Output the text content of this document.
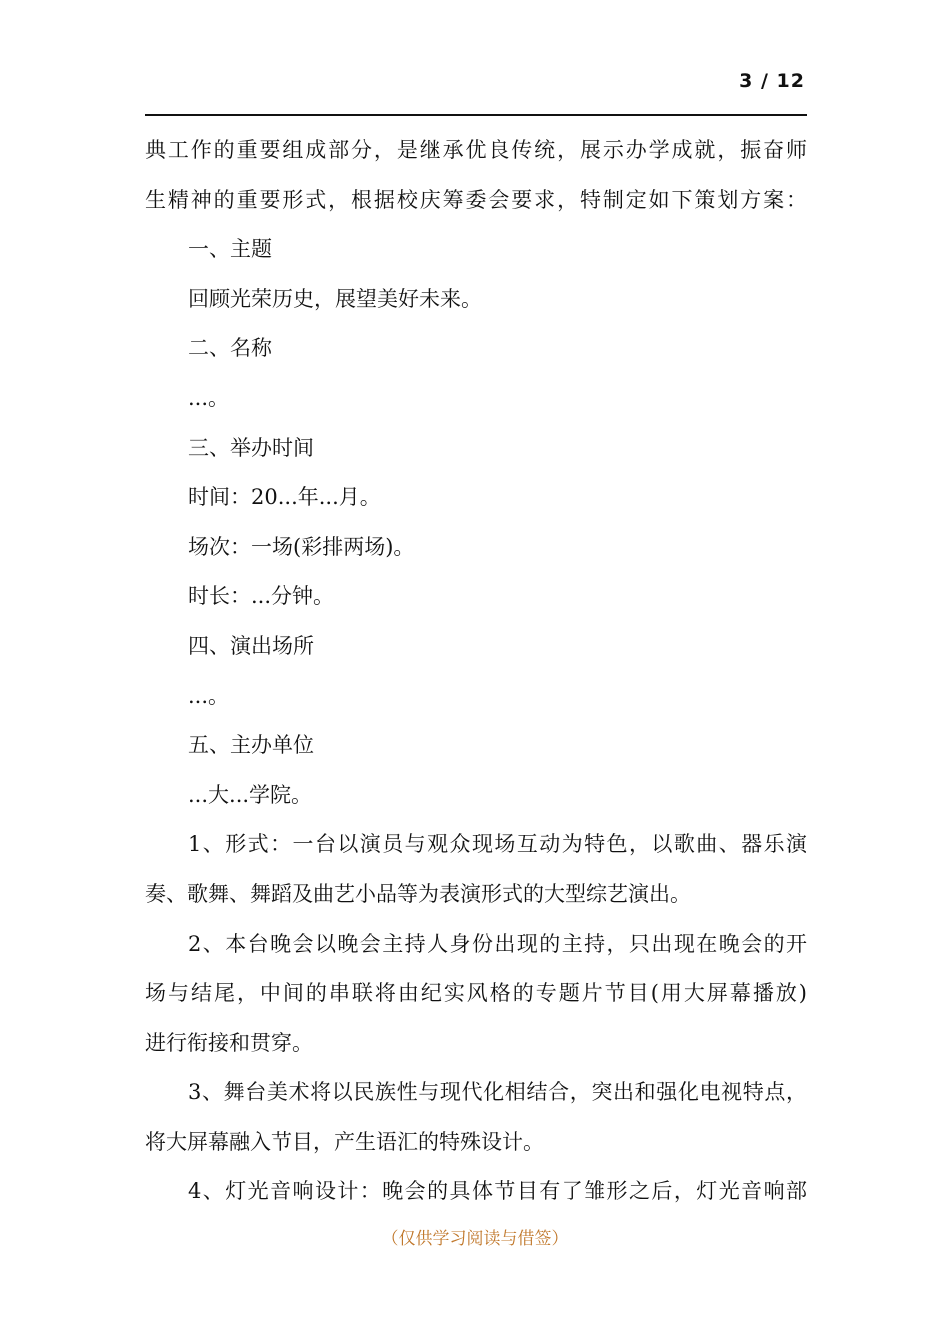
3 / 12
典工作的重要组成部分，是继承优良传统，展示办学成就，振奋师
生精神的重要形式，根据校庆筹委会要求，特制定如下策划方案：
一、主题
回顾光荣历史，展望美好未来。
二、名称
...。
三、举办时间
时间：20...年...月。
场次：一场(彩排两场)。
时长：...分钟。
四、演出场所
...。
五、主办单位
...大...学院。
1、形式：一台以演员与观众现场互动为特色，以歌曲、器乐演
奏、歌舞、舞蹈及曲艺小品等为表演形式的大型综艺演出。
2、本台晚会以晚会主持人身份出现的主持，只出现在晚会的开
场与结尾，中间的串联将由纪实风格的专题片节目(用大屏幕播放)
进行衔接和贯穿。
3、舞台美术将以民族性与现代化相结合，突出和强化电视特点，
将大屏幕融入节目，产生语汇的特殊设计。
4、灯光音响设计：晚会的具体节目有了雏形之后，灯光音响部
（仅供学习阅读与借签）
